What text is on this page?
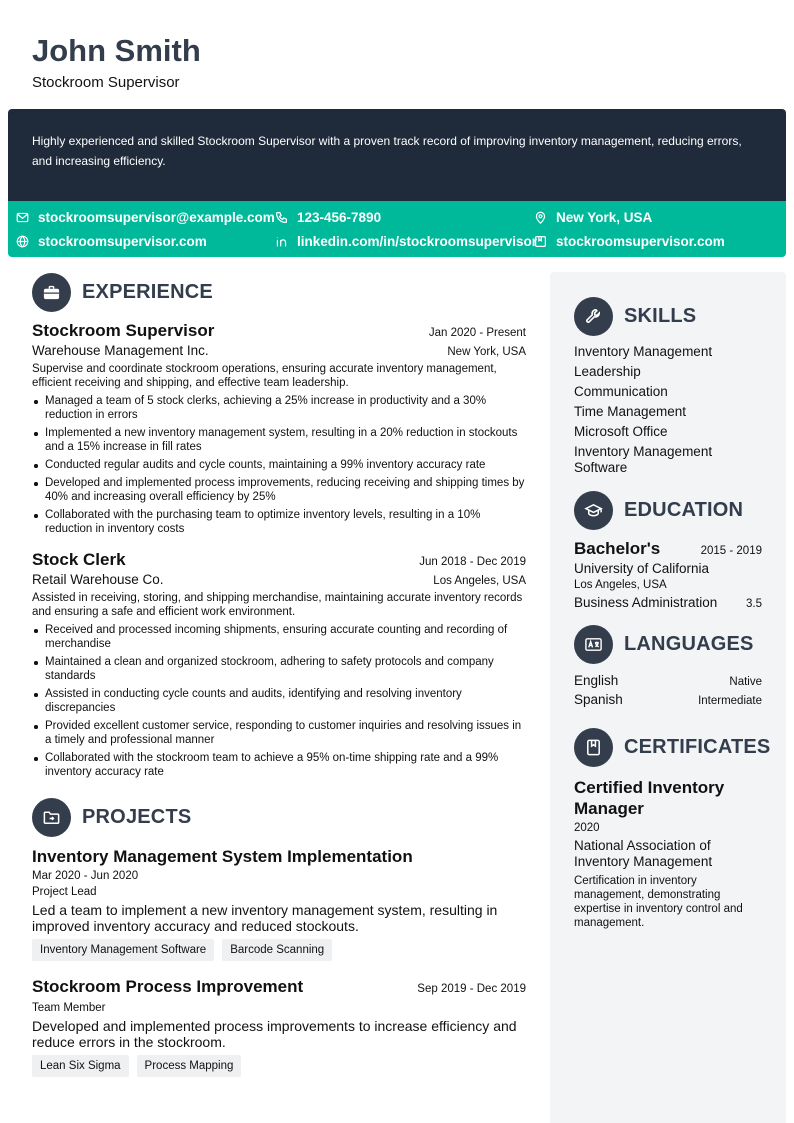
John Smith
Stockroom Supervisor
Highly experienced and skilled Stockroom Supervisor with a proven track record of improving inventory management, reducing errors, and increasing efficiency.
stockroomsupervisor@example.com 123-456-7890	New York, USA
stockroomsupervisor.com	linkedin.com/in/stockroomsupervisor stockroomsupervisor.com
EXPERIENCE
Stockroom Supervisor	Jan 2020 - Present
Warehouse Management Inc.	New York, USA
Supervise and coordinate stockroom operations, ensuring accurate inventory management, efficient receiving and shipping, and effective team leadership.
Managed a team of 5 stock clerks, achieving a 25% increase in productivity and a 30% reduction in errors
Implemented a new inventory management system, resulting in a 20% reduction in stockouts and a 15% increase in fill rates
Conducted regular audits and cycle counts, maintaining a 99% inventory accuracy rate
Developed and implemented process improvements, reducing receiving and shipping times by 40% and increasing overall efficiency by 25%
Collaborated with the purchasing team to optimize inventory levels, resulting in a 10% reduction in inventory costs
Stock Clerk	Jun 2018 - Dec 2019
Retail Warehouse Co.	Los Angeles, USA
Assisted in receiving, storing, and shipping merchandise, maintaining accurate inventory records and ensuring a safe and efficient work environment.
Received and processed incoming shipments, ensuring accurate counting and recording of merchandise
Maintained a clean and organized stockroom, adhering to safety protocols and company standards
Assisted in conducting cycle counts and audits, identifying and resolving inventory discrepancies
Provided excellent customer service, responding to customer inquiries and resolving issues in a timely and professional manner
Collaborated with the stockroom team to achieve a 95% on-time shipping rate and a 99% inventory accuracy rate
PROJECTS
Inventory Management System Implementation
Mar 2020 - Jun 2020
Project Lead
Led a team to implement a new inventory management system, resulting in improved inventory accuracy and reduced stockouts.
Inventory Management Software	Barcode Scanning
Stockroom Process Improvement	Sep 2019 - Dec 2019
Team Member
Developed and implemented process improvements to increase efficiency and reduce errors in the stockroom.
Lean Six Sigma	Process Mapping
SKILLS
Inventory Management
Leadership
Communication
Time Management
Microsoft Office
Inventory Management Software
EDUCATION
Bachelor's	2015 - 2019
University of California
Los Angeles, USA
Business Administration 3.5
LANGUAGES
English	Native
Spanish	Intermediate
CERTIFICATES
Certified Inventory Manager
2020
National Association of Inventory Management
Certification in inventory management, demonstrating expertise in inventory control and management.
